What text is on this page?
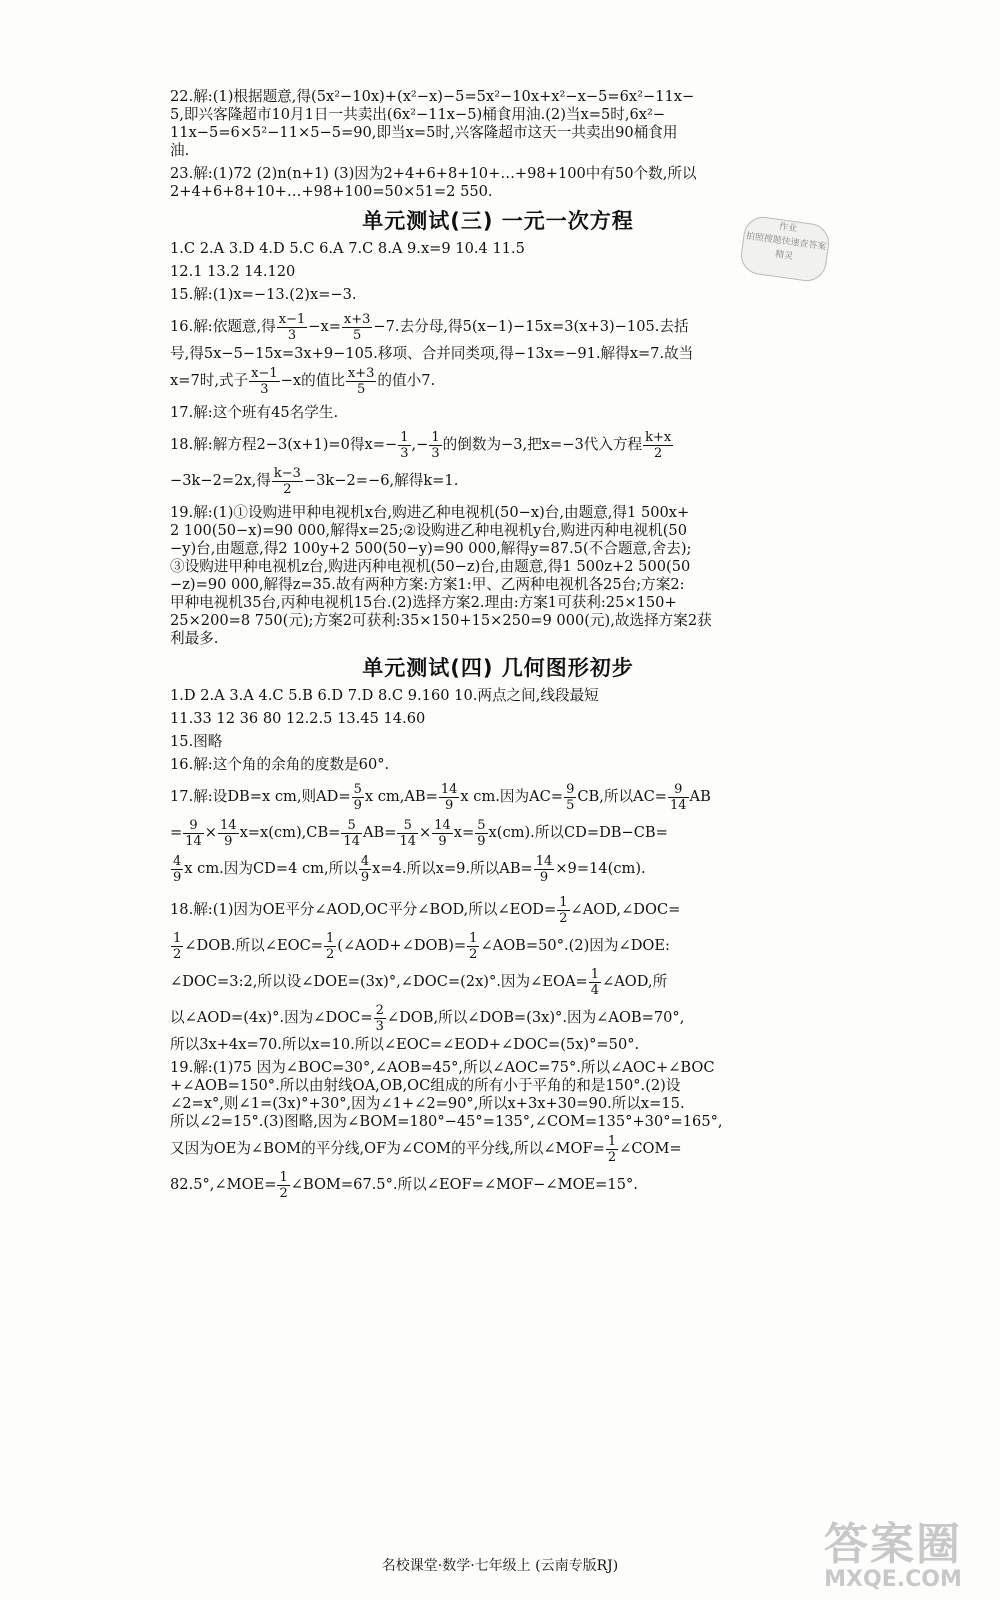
22.解:(1)根据题意,得(5x²−10x)+(x²−x)−5=5x²−10x+x²−x−5=6x²−11x−

5,即兴客隆超市10月1日一共卖出(6x²−11x−5)桶食用油.(2)当x=5时,6x²−

11x−5=6×5²−11×5−5=90,即当x=5时,兴客隆超市这天一共卖出90桶食用

油.

23.解:(1)72 (2)n(n+1) (3)因为2+4+6+8+10+…+98+100中有50个数,所以

2+4+6+8+10+…+98+100=50×51=2 550.

单元测试(三) 一元一次方程

1.C 2.A 3.D 4.D 5.C 6.A 7.C 8.A 9.x=9 10.4 11.5

12.1 13.2 14.120

15.解:(1)x=−13.(2)x=−3.

16.解:依题意,得 $\frac{x-1}{3} -x= \frac{x+3}{5} -7$.去分母,得5(x−1)−15x=3(x+3)−105.去括

号,得5x−5−15x=3x+9−105.移项、合并同类项,得−13x=−91.解得x=7.故当

x=7时,式子 $\frac{x-1}{3} -x$的值比 $\frac{x+3}{5}$ 的值小7.

17.解:这个班有45名学生.

18.解:解方程2−3(x+1)=0得$x=- \frac{1}{3}$ ,− $\frac{1}{3}$ 的倒数为−3,把x=−3代入方程 $\frac{k+x}{2}$

−3k−2=2x,得 $\frac{k-3}{2} -3k-2=-6$,解得k=1.

19.解:(1)①设购进甲种电视机x台,购进乙种电视机(50−x)台,由题意,得1 500x+

2 100(50−x)=90 000,解得x=25;②设购进乙种电视机y台,购进丙种电视机(50

−y)台,由题意,得2 100y+2 500(50−y)=90 000,解得y=87.5(不合题意,舍去);

③设购进甲种电视机z台,购进丙种电视机(50−z)台,由题意,得1 500z+2 500(50

−z)=90 000,解得z=35.故有两种方案:方案1:甲、乙两种电视机各25台;方案2:

甲种电视机35台,丙种电视机15台.(2)选择方案2.理由:方案1可获利:25×150+

25×200=8 750(元);方案2可获利:35×150+15×250=9 000(元),故选择方案2获

利最多.

单元测试(四) 几何图形初步

1.D 2.A 3.A 4.C 5.B 6.D 7.D 8.C 9.160 10.两点之间,线段最短

11.33 12 36 80 12.2.5 13.45 14.60

15.图略

16.解:这个角的余角的度数是60°.

17.解:设DB=x cm,则$AD= \frac{5}{9}$ x $cm,AB= \frac{14}{9}$ x cm.因为$AC= \frac{9}{5}$ CB,所以$AC= \frac{9}{14}$ AB

= $\frac{9}{14} \times \frac{14}{9} x=x(cm),CB= \frac{5}{14} AB= \frac{5}{14} \times \frac{14}{9} x= \frac{5}{9} x(cm)$.所以CD=DB−CB=

$\frac{4}{9}$ x cm.因为CD=4 cm,所以 $\frac{4}{9} x=4$.所以x=9.所以$AB= \frac{14}{9} \times 9=14(cm)$.

18.解:(1)因为OE平分∠AOD,OC平分∠BOD,所以∠EOD= $\frac{1}{2}$ ∠AOD,∠DOC=

$\frac{1}{2}$ ∠DOB.所以∠EOC= $\frac{1}{2}$ (∠AOD+∠DOB)= $\frac{1}{2}$ ∠AOB=50°.(2)因为∠DOE:

∠DOC=3:2,所以设∠DOE=(3x)°,∠DOC=(2x)°.因为∠EOA= $\frac{1}{4}$ ∠AOD,所

以∠AOD=(4x)°.因为∠DOC= $\frac{2}{3}$ ∠DOB,所以∠DOB=(3x)°.因为∠AOB=70°,

所以3x+4x=70.所以x=10.所以∠EOC=∠EOD+∠DOC=(5x)°=50°.

19.解:(1)75 因为∠BOC=30°,∠AOB=45°,所以∠AOC=75°.所以∠AOC+∠BOC

+∠AOB=150°.所以由射线OA,OB,OC组成的所有小于平角的和是150°.(2)设

∠2=x°,则∠1=(3x)°+30°,因为∠1+∠2=90°,所以x+3x+30=90.所以x=15.

所以∠2=15°.(3)图略,因为∠BOM=180°−45°=135°,∠COM=135°+30°=165°,

又因为OE为∠BOM的平分线,OF为∠COM的平分线,所以∠MOF= $\frac{1}{2}$ ∠COM=

82.5°,∠MOE= $\frac{1}{2}$ ∠BOM=67.5°.所以∠EOF=∠MOF−∠MOE=15°.

作业
拍照搜题快速查答案
精灵
名校课堂·数学·七年级上 (云南专版RJ)	答案圈
MXQE.COM
